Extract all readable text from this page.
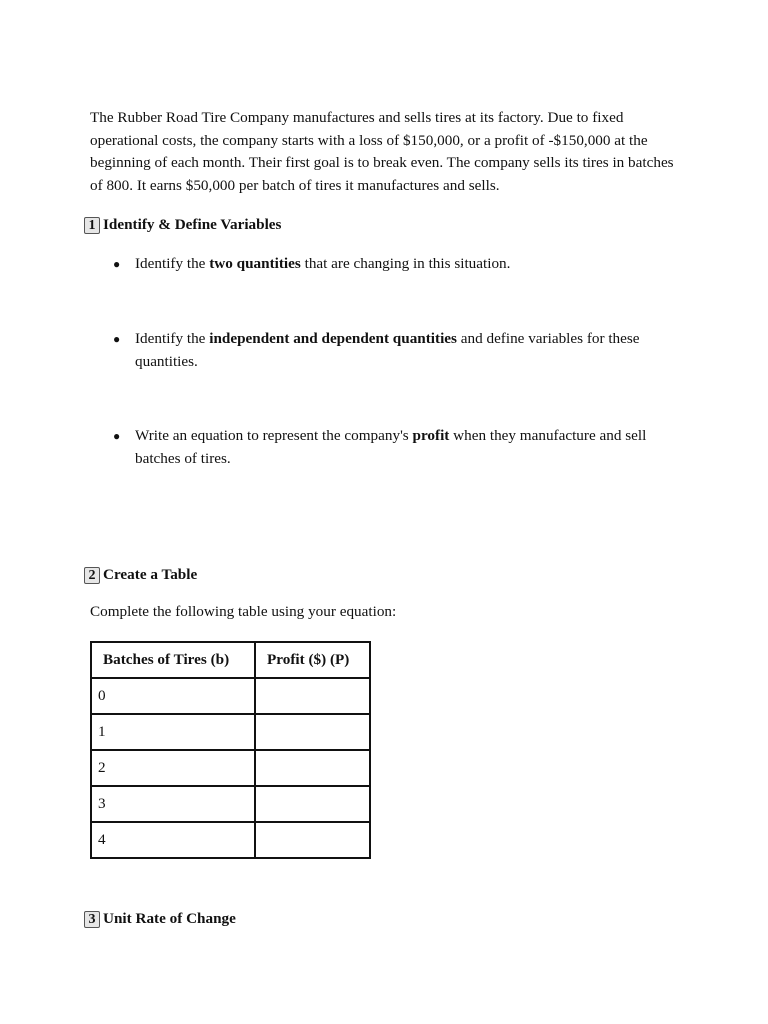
The Rubber Road Tire Company manufactures and sells tires at its factory. Due to fixed operational costs, the company starts with a loss of $150,000, or a profit of -$150,000 at the beginning of each month. Their first goal is to break even. The company sells its tires in batches of 800. It earns $50,000 per batch of tires it manufactures and sells.

1 Identify & Define Variables
● Identify the two quantities that are changing in this situation.
● Identify the independent and dependent quantities and define variables for these quantities.
● Write an equation to represent the company's profit when they manufacture and sell batches of tires.
2 Create a Table
Complete the following table using your equation:
Batches of Tires (b)	Profit ($) (P)
0	
1	
2	
3	
4	
3 Unit Rate of Change
